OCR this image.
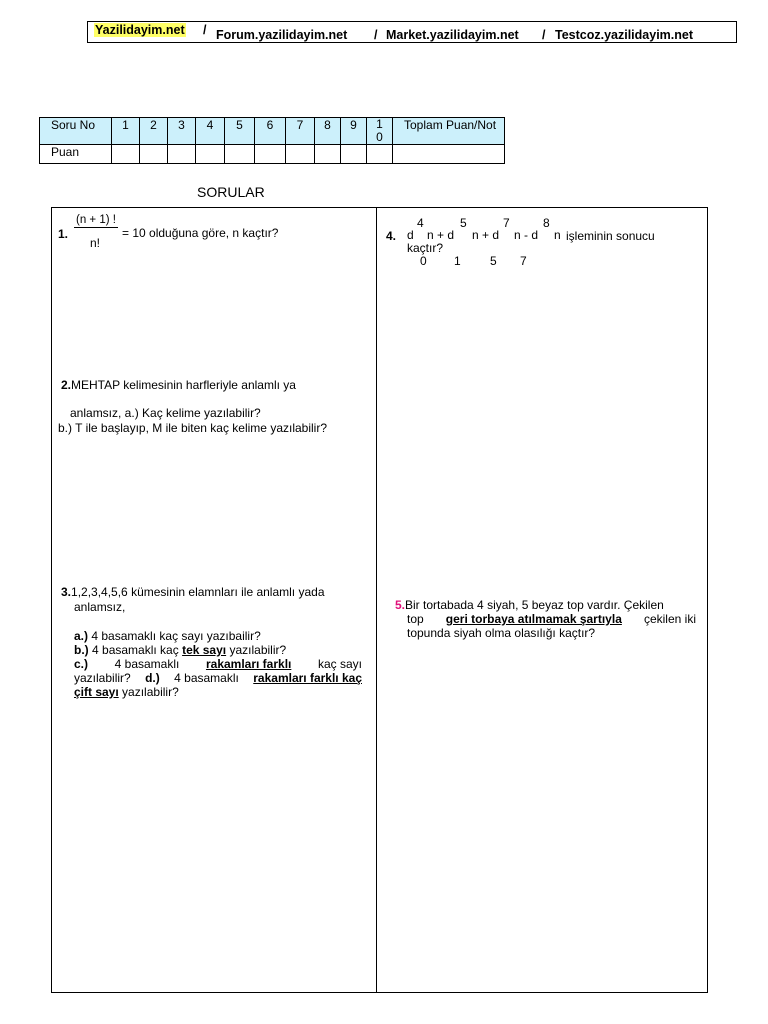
Yazilidayim.net / Forum.yazilidayim.net / Market.yazilidayim.net / Testcoz.yazilidayim.net
Soru No	1	2	3	4	5	6	7	8	9	10	Toplam Puan/Not
Puan											
SORULAR
1.
(n + 1) !
n!
= 10 olduğuna göre, n kaçtır?
2.MEHTAP kelimesinin harfleriyle anlamlı ya
anlamsız, a.) Kaç kelime yazılabilir?
b.) T ile başlayıp, M ile biten kaç kelime yazılabilir?
3.1,2,3,4,5,6 kümesinin elamnları ile anlamlı yada
anlamsız,
a.) 4 basamaklı kaç sayı yazıbailir?
b.) 4 basamaklı kaç tek sayı yazılabilir?
c.) 4 basamaklı rakamları farklı kaç sayı
yazılabilir? d.) 4 basamaklı rakamları farklı kaç
çift sayı yazılabilir?
4. d
4
n + d
5
n + d
7
n - d
8
n işleminin sonucu
kaçtır?
0 1 5 7
5.Bir tortabada 4 siyah, 5 beyaz top vardır. Çekilen
top geri torbaya atılmamak şartıyla çekilen iki
topunda siyah olma olasılığı kaçtır?
